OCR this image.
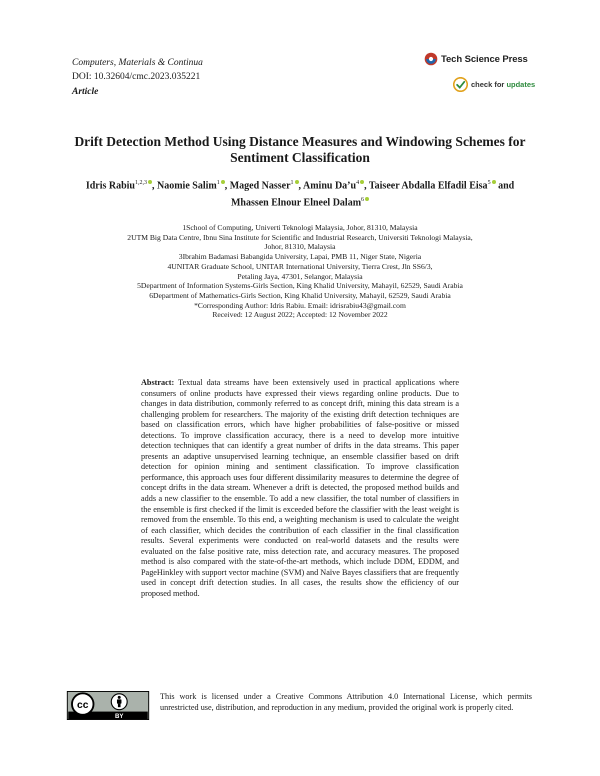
Computers, Materials & Continua
DOI: 10.32604/cmc.2023.035221
Article
Tech Science Press
check for updates
Drift Detection Method Using Distance Measures and Windowing Schemes for Sentiment Classification
Idris Rabiu$^{1,2,3}$ , Naomie Salim$^1$ , Maged Nasser$^1$ , Aminu $Da’u^4$ , Taiseer Abdalla Elfadil Eisa$^5$ and
Mhassen Elnour Elneel Dalam$^6$
1School of Computing, Univerti Teknologi Malaysia, Johor, 81310, Malaysia
2UTM Big Data Centre, Ibnu Sina Institute for Scientific and Industrial Research, Universiti Teknologi Malaysia,
Johor, 81310, Malaysia
3Ibrahim Badamasi Babangida University, Lapai, PMB 11, Niger State, Nigeria
4UNITAR Graduate School, UNITAR International University, Tierra Crest, Jln SS6/3,
Petaling Jaya, 47301, Selangor, Malaysia
5Department of Information Systems-Girls Section, King Khalid University, Mahayil, 62529, Saudi Arabia
6Department of Mathematics-Girls Section, King Khalid University, Mahayil, 62529, Saudi Arabia
*Corresponding Author: Idris Rabiu. Email: idrisrabiu43@gmail.com
Received: 12 August 2022; Accepted: 12 November 2022
Abstract: Textual data streams have been extensively used in practical applications where consumers of online products have expressed their views regarding online products. Due to changes in data distribution, commonly referred to as concept drift, mining this data stream is a challenging problem for researchers. The majority of the existing drift detection techniques are based on classification errors, which have higher probabilities of false-positive or missed detections. To improve classification accuracy, there is a need to develop more intuitive detection techniques that can identify a great number of drifts in the data streams. This paper presents an adaptive unsupervised learning technique, an ensemble classifier based on drift detection for opinion mining and sentiment classification. To improve classification performance, this approach uses four different dissimilarity measures to determine the degree of concept drifts in the data stream. Whenever a drift is detected, the proposed method builds and adds a new classifier to the ensemble. To add a new classifier, the total number of classifiers in the ensemble is first checked if the limit is exceeded before the classifier with the least weight is removed from the ensemble. To this end, a weighting mechanism is used to calculate the weight of each classifier, which decides the contribution of each classifier in the final classification results. Several experiments were conducted on real-world datasets and the results were evaluated on the false positive rate, miss detection rate, and accuracy measures. The proposed method is also compared with the state-of-the-art methods, which include DDM, EDDM, and PageHinkley with support vector machine (SVM) and Naïve Bayes classifiers that are frequently used in concept drift detection studies. In all cases, the results show the efficiency of our proposed method.
cc
BY
This work is licensed under a Creative Commons Attribution 4.0 International License, which permits unrestricted use, distribution, and reproduction in any medium, provided the original work is properly cited.
